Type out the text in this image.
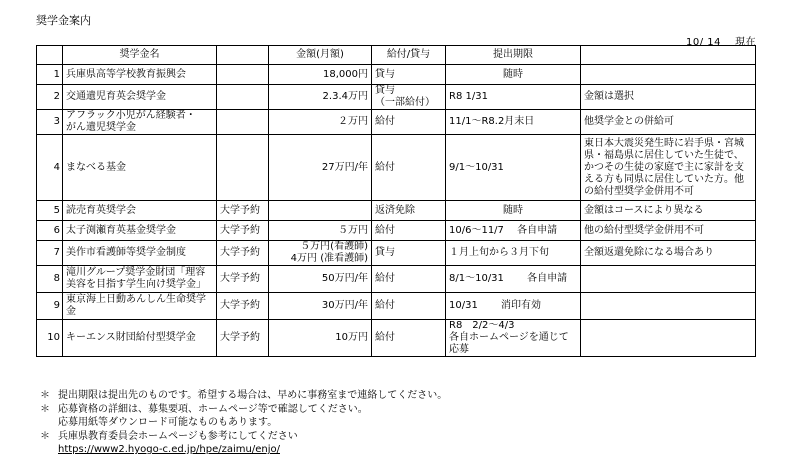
奨学金案内
10/ 14　 現在
	奨学金名		金額(月額)	給付/貸与	提出期限	
1	兵庫県高等学校教育振興会		18,000円	貸与	随時	
2	交通遺児育英会奨学金		2.3.4万円	貸与
（一部給付）	R8 1/31	金額は選択
3	アフラック小児がん経験者・
がん遺児奨学金		２万円	給付	11/1～R8.2月末日	他奨学金との併給可
4	まなべる基金		27万円/年	給付	9/1～10/31	東日本大震災発生時に岩手県・宮城県・福島県に居住していた生徒で、かつその生徒の家庭で主に家計を支える方も同県に居住していた方。他の給付型奨学金併用不可
5	読売育英奨学会	大学予約		返済免除	随時	金額はコースにより異なる
6	太子渕瀬育英基金奨学金	大学予約	５万円	給付	10/6～11/7　 各自申請	他の給付型奨学金併用不可
7	美作市看護師等奨学金制度	大学予約	５万円(看護師)
4万円 (准看護師)	貸与	１月上旬から３月下旬	全額返還免除になる場合あり
8	滝川グループ奨学金財団「理容
美容を目指す学生向け奨学金」	大学予約	50万円/年	給付	8/1～10/31　　 各自申請	
9	東京海上日動あんしん生命奨学
金	大学予約	30万円/年	給付	10/31　　 消印有効	
10	キーエンス財団給付型奨学金	大学予約	10万円	給付	R8　2/2～4/3
各自ホームページを通じて応募	
＊ 提出期限は提出先のものです。希望する場合は、早めに事務室まで連絡してください。
＊ 応募資格の詳細は、募集要項、ホームページ等で確認してください。
応募用紙等ダウンロード可能なものもあります。
＊ 兵庫県教育委員会ホームページも参考にしてください
https://www2.hyogo-c.ed.jp/hpe/zaimu/enjo/
